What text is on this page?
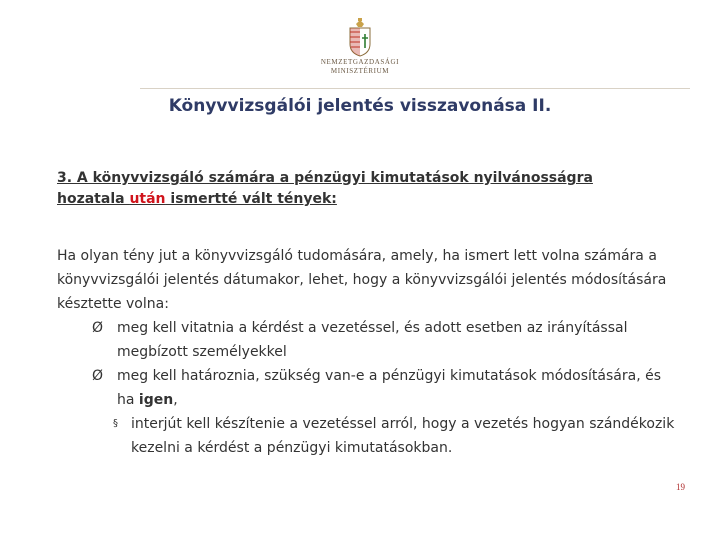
NEMZETGAZDASÁGI
MINISZTÉRIUM
Könyvvizsgálói jelentés visszavonása II.
3. A könyvvizsgáló számára a pénzügyi kimutatások nyilvánosságra hozatala után ismertté vált tények:
Ha olyan tény jut a könyvvizsgáló tudomására, amely, ha ismert lett volna számára a könyvvizsgálói jelentés dátumakor, lehet, hogy a könyvvizsgálói jelentés módosítására késztette volna:
Ø meg kell vitatnia a kérdést a vezetéssel, és adott esetben az irányítással megbízott személyekkel
Ø meg kell határoznia, szükség van-e a pénzügyi kimutatások módosítására, és ha igen,
§ interjút kell készítenie a vezetéssel arról, hogy a vezetés hogyan szándékozik kezelni a kérdést a pénzügyi kimutatásokban.
19
